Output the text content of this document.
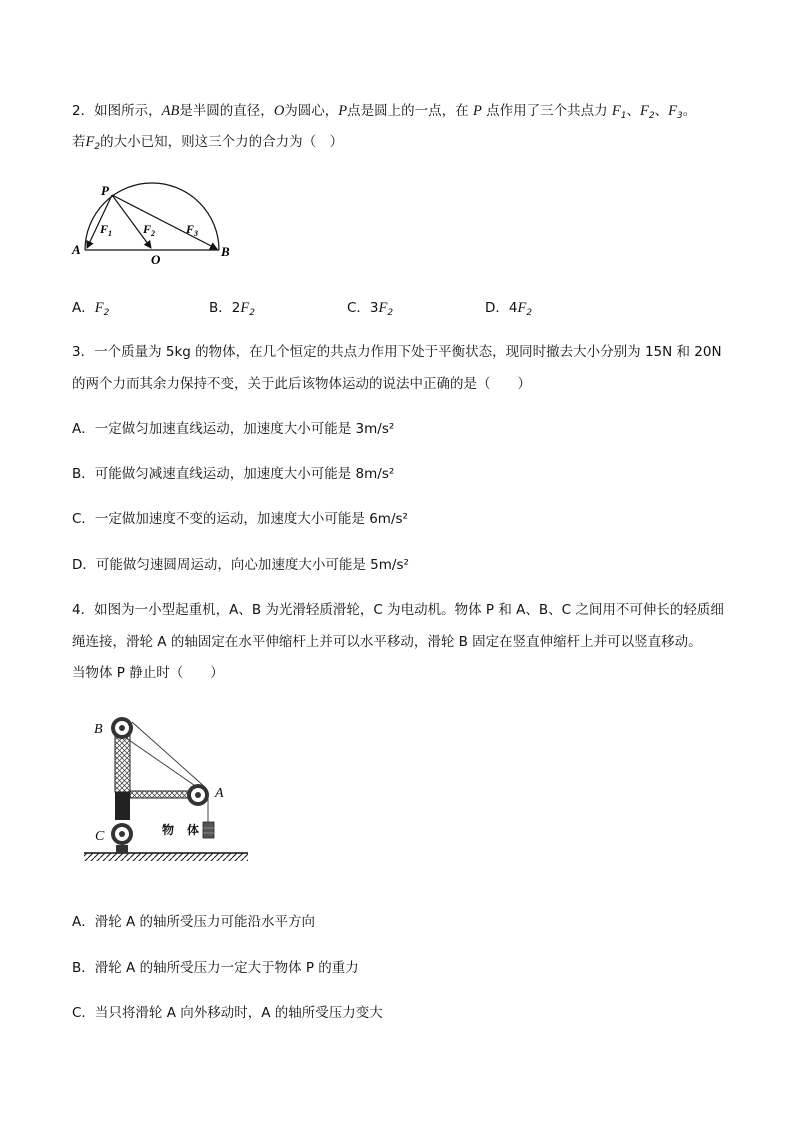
2．如图所示，AB是半圆的直径，O为圆心，P点是圆上的一点，在 P 点作用了三个共点力 $F_1$、$F_2$、$F_3$。
若$F_2$的大小已知，则这三个力的合力为（　）
P
A	B
O
$F_1$	$F_2$	$F_3$
A．$F_2$	B．$2F_2$	C．$3F_2$	D．$4F_2$
3．一个质量为 5kg 的物体，在几个恒定的共点力作用下处于平衡状态，现同时撤去大小分别为 15N 和 20N
的两个力而其余力保持不变，关于此后该物体运动的说法中正确的是（　　）
A．一定做匀加速直线运动，加速度大小可能是 3m/s²
B．可能做匀减速直线运动，加速度大小可能是 8m/s²
C．一定做加速度不变的运动，加速度大小可能是 6m/s²
D．可能做匀速圆周运动，向心加速度大小可能是 5m/s²
4．如图为一小型起重机，A、B 为光滑轻质滑轮，C 为电动机。物体 P 和 A、B、C 之间用不可伸长的轻质细
绳连接，滑轮 A 的轴固定在水平伸缩杆上并可以水平移动，滑轮 B 固定在竖直伸缩杆上并可以竖直移动。
当物体 P 静止时（　　）
B
A
C	物 体
A．滑轮 A 的轴所受压力可能沿水平方向
B．滑轮 A 的轴所受压力一定大于物体 P 的重力
C．当只将滑轮 A 向外移动时，A 的轴所受压力变大
